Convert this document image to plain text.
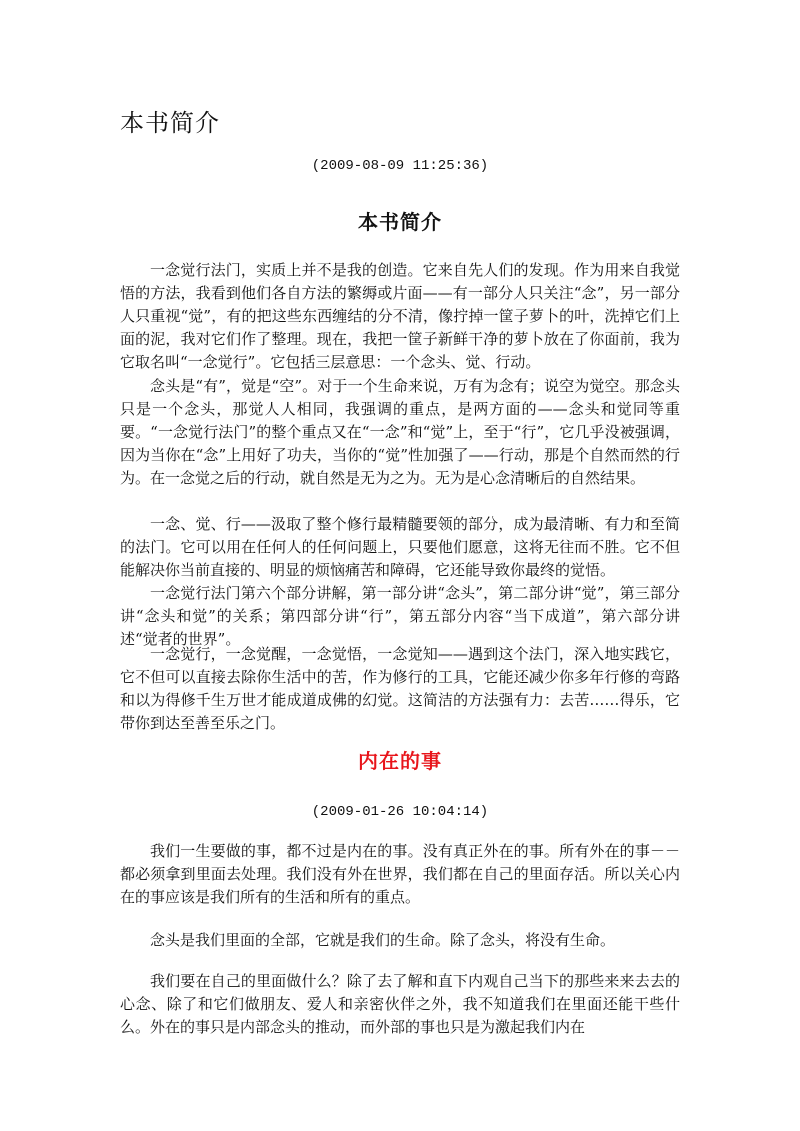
本书简介
(2009-08-09 11:25:36)
本书简介

一念觉行法门，实质上并不是我的创造。它来自先人们的发现。作为用来自我觉悟的方法，我看到他们各自方法的繁缛或片面——有一部分人只关注“念”，另一部分人只重视“觉”，有的把这些东西缠结的分不清，像拧掉一筐子萝卜的叶，洗掉它们上面的泥，我对它们作了整理。现在，我把一筐子新鲜干净的萝卜放在了你面前，我为它取名叫“一念觉行”。它包括三层意思：一个念头、觉、行动。

念头是“有”，觉是“空”。对于一个生命来说，万有为念有；说空为觉空。那念头只是一个念头，那觉人人相同，我强调的重点，是两方面的——念头和觉同等重要。“一念觉行法门”的整个重点又在“一念”和“觉”上，至于“行”，它几乎没被强调，因为当你在“念”上用好了功夫，当你的“觉”性加强了——行动，那是个自然而然的行为。在一念觉之后的行动，就自然是无为之为。无为是心念清晰后的自然结果。

一念、觉、行——汲取了整个修行最精髓要领的部分，成为最清晰、有力和至简的法门。它可以用在任何人的任何问题上，只要他们愿意，这将无往而不胜。它不但能解决你当前直接的、明显的烦恼痛苦和障碍，它还能导致你最终的觉悟。

一念觉行法门第六个部分讲解，第一部分讲“念头”，第二部分讲“觉”，第三部分讲“念头和觉”的关系；第四部分讲“行”，第五部分内容“当下成道”，第六部分讲述“觉者的世界”。

一念觉行，一念觉醒，一念觉悟，一念觉知——遇到这个法门，深入地实践它，它不但可以直接去除你生活中的苦，作为修行的工具，它能还减少你多年行修的弯路和以为得修千生万世才能成道成佛的幻觉。这简洁的方法强有力：去苦……得乐，它带你到达至善至乐之门。

内在的事
(2009-01-26 10:04:14)

我们一生要做的事，都不过是内在的事。没有真正外在的事。所有外在的事－－都必须拿到里面去处理。我们没有外在世界，我们都在自己的里面存活。所以关心内在的事应该是我们所有的生活和所有的重点。

念头是我们里面的全部，它就是我们的生命。除了念头，将没有生命。

我们要在自己的里面做什么？除了去了解和直下内观自己当下的那些来来去去的心念、除了和它们做朋友、爱人和亲密伙伴之外，我不知道我们在里面还能干些什么。外在的事只是内部念头的推动，而外部的事也只是为激起我们内在
